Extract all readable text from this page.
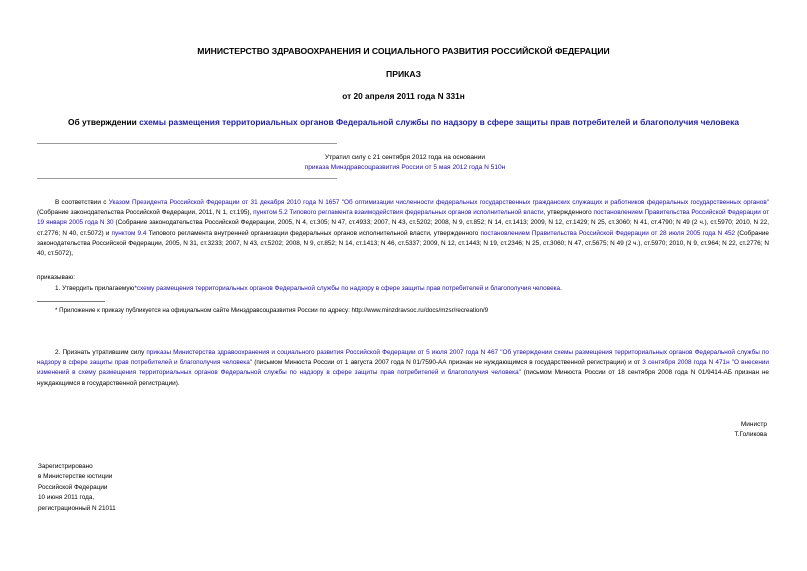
МИНИСТЕРСТВО ЗДРАВООХРАНЕНИЯ И СОЦИАЛЬНОГО РАЗВИТИЯ РОССИЙСКОЙ ФЕДЕРАЦИИ
ПРИКАЗ
от 20 апреля 2011 года N 331н
Об утверждении схемы размещения территориальных органов Федеральной службы по надзору в сфере защиты прав потребителей и благополучия человека
Утратил силу с 21 сентября 2012 года на основании
приказа Минздравсоцразвития России от 5 мая 2012 года N 510н
В соответствии с Указом Президента Российской Федерации от 31 декабря 2010 года N 1657 "Об оптимизации численности федеральных государственных гражданских служащих и работников федеральных государственных органов" (Собрание законодательства Российской Федерации, 2011, N 1, ст.195), пунктом 5.2 Типового регламента взаимодействия федеральных органов исполнительной власти, утвержденного постановлением Правительства Российской Федерации от 19 января 2005 года N 30 (Собрание законодательства Российской Федерации, 2005, N 4, ст.305; N 47, ст.4933; 2007, N 43, ст.5202; 2008, N 9, ст.852; N 14, ст.1413; 2009, N 12, ст.1429; N 25, ст.3060; N 41, ст.4790; N 49 (2 ч.), ст.5970; 2010, N 22, ст.2776; N 40, ст.5072) и пунктом 9.4 Типового регламента внутренней организации федеральных органов исполнительной власти, утвержденного постановлением Правительства Российской Федерации от 28 июля 2005 года N 452 (Собрание законодательства Российской Федерации, 2005, N 31, ст.3233; 2007, N 43, ст.5202; 2008, N 9, ст.852; N 14, ст.1413; N 46, ст.5337; 2009, N 12, ст.1443; N 19, ст.2346; N 25, ст.3060; N 47, ст.5675; N 49 (2 ч.), ст.5970; 2010, N 9, ст.964; N 22, ст.2776; N 40, ст.5072),
приказываю:
1. Утвердить прилагаемую*схему размещения территориальных органов Федеральной службы по надзору в сфере защиты прав потребителей и благополучия человека.
* Приложение к приказу публикуется на официальном сайте Минздравсоцразвития России по адресу: http://www.minzdravsoc.ru/docs/mzsr/recreation/9
2. Признать утратившим силу приказы Министерства здравоохранения и социального развития Российской Федерации от 5 июля 2007 года N 467 "Об утверждении схемы размещения территориальных органов Федеральной службы по надзору в сфере защиты прав потребителей и благополучия человека" (письмом Минюста России от 1 августа 2007 года N 01/7590-АА признан не нуждающимся в государственной регистрации) и от 3 сентября 2008 года N 471н "О внесении изменений в схему размещения территориальных органов Федеральной службы по надзору в сфере защиты прав потребителей и благополучия человека" (письмом Минюста России от 18 сентября 2008 года N 01/9414-АБ признан не нуждающимся в государственной регистрации).
Министр
Т.Голикова
Зарегистрировано
в Министерстве юстиции
Российской Федерации
10 июня 2011 года,
регистрационный N 21011
